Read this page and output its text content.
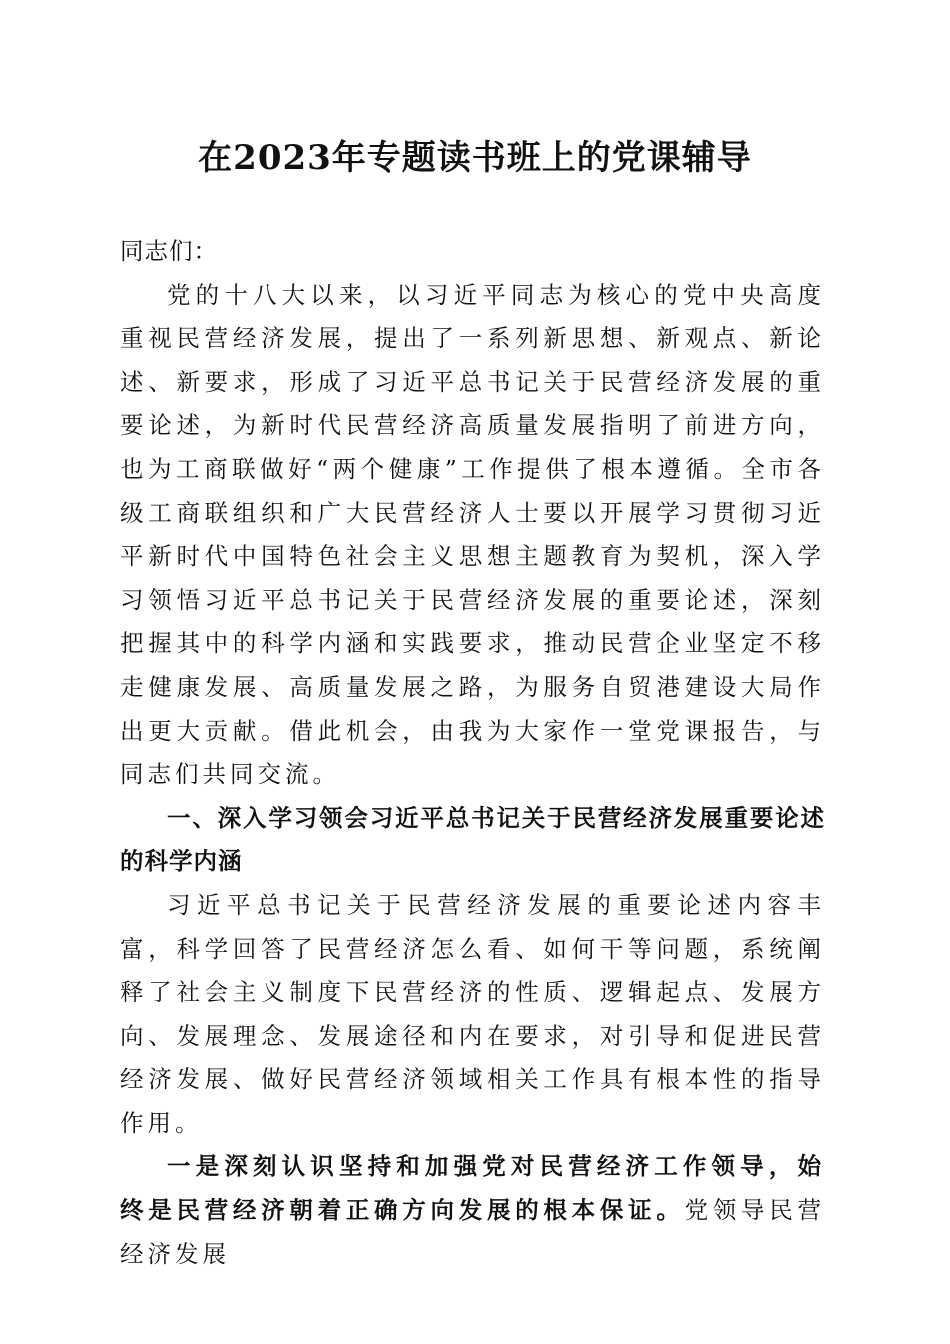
在2023年专题读书班上的党课辅导

同志们：

党的十八大以来，以习近平同志为核心的党中央高度重视民营经济发展，提出了一系列新思想、新观点、新论述、新要求，形成了习近平总书记关于民营经济发展的重要论述，为新时代民营经济高质量发展指明了前进方向，也为工商联做好“两个健康”工作提供了根本遵循。全市各级工商联组织和广大民营经济人士要以开展学习贯彻习近平新时代中国特色社会主义思想主题教育为契机，深入学习领悟习近平总书记关于民营经济发展的重要论述，深刻把握其中的科学内涵和实践要求，推动民营企业坚定不移走健康发展、高质量发展之路，为服务自贸港建设大局作出更大贡献。借此机会，由我为大家作一堂党课报告，与同志们共同交流。

一、深入学习领会习近平总书记关于民营经济发展重要论述的科学内涵

习近平总书记关于民营经济发展的重要论述内容丰富，科学回答了民营经济怎么看、如何干等问题，系统阐释了社会主义制度下民营经济的性质、逻辑起点、发展方向、发展理念、发展途径和内在要求，对引导和促进民营经济发展、做好民营经济领域相关工作具有根本性的指导作用。

一是深刻认识坚持和加强党对民营经济工作领导，始终是民营经济朝着正确方向发展的根本保证。党领导民营经济发展
